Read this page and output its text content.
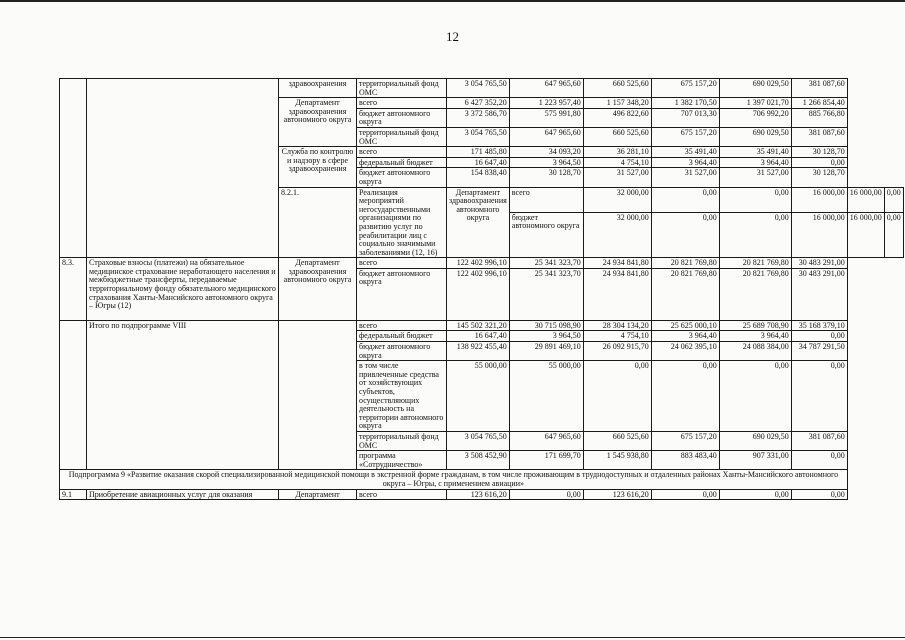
12
		здравоохранения	территориальный фонд ОМС	3 054 765,50	647 965,60	660 525,60	675 157,20	690 029,50	381 087,60		
		Департамент здравоохранения автономного округа	всего	6 427 352,20	1 223 957,40	1 157 348,20	1 382 170,50	1 397 021,70	1 266 854,40		
			бюджет автономного округа	3 372 586,70	575 991,80	496 822,60	707 013,30	706 992,20	885 766,80		
			территориальный фонд ОМС	3 054 765,50	647 965,60	660 525,60	675 157,20	690 029,50	381 087,60		
		Служба по контролю и надзору в сфере здравоохранения	всего	171 485,80	34 093,20	36 281,10	35 491,40	35 491,40	30 128,70		
			федеральный бюджет	16 647,40	3 964,50	4 754,10	3 964,40	3 964,40	0,00		
			бюджет автономного округа	154 838,40	30 128,70	31 527,00	31 527,00	31 527,00	30 128,70		
		8.2.1.	Реализация мероприятий негосударственными организациями по развитию услуг по реабилитации лиц с социально значимыми заболеваниями (12, 16)	Департамент здравоохранения автономного округа	всего	32 000,00	0,00	0,00	16 000,00	16 000,00	0,00
					бюджет автономного округа	32 000,00	0,00	0,00	16 000,00	16 000,00	0,00
8.3.	Страховые взносы (платежи) на обязательное медицинское страхование неработающего населения и межбюджетные трансферты, передаваемые территориальному фонду обязательного медицинского страхования Ханты-Мансийского автономного округа – Югры (12)	Департамент здравоохранения автономного округа	всего	122 402 996,10	25 341 323,70	24 934 841,80	20 821 769,80	20 821 769,80	30 483 291,00		
			бюджет автономного округа	122 402 996,10	25 341 323,70	24 934 841,80	20 821 769,80	20 821 769,80	30 483 291,00		
	Итого по подпрограмме VIII		всего	145 502 321,20	30 715 098,90	28 304 134,20	25 625 000,10	25 689 708,90	35 168 379,10		
			федеральный бюджет	16 647,40	3 964,50	4 754,10	3 964,40	3 964,40	0,00		
			бюджет автономного округа	138 922 455,40	29 891 469,10	26 092 915,70	24 062 395,10	24 088 384,00	34 787 291,50		
			в том числе привлеченные средства от хозяйствующих субъектов, осуществляющих деятельность на территории автономного округа	55 000,00	55 000,00	0,00	0,00	0,00	0,00		
			территориальный фонд ОМС	3 054 765,50	647 965,60	660 525,60	675 157,20	690 029,50	381 087,60		
			программа «Сотрудничество»	3 508 452,90	171 699,70	1 545 938,80	883 483,40	907 331,00	0,00		
Подпрограмма 9 «Развитие оказания скорой специализированной медицинской помощи в экстренной форме гражданам, в том числе проживающим в труднодоступных и отдаленных районах Ханты-Мансийского автономного округа – Югры, с применением авиации»											
9.1	Приобретение авиационных услуг для оказания	Департамент	всего	123 616,20	0,00	123 616,20	0,00	0,00	0,00		
